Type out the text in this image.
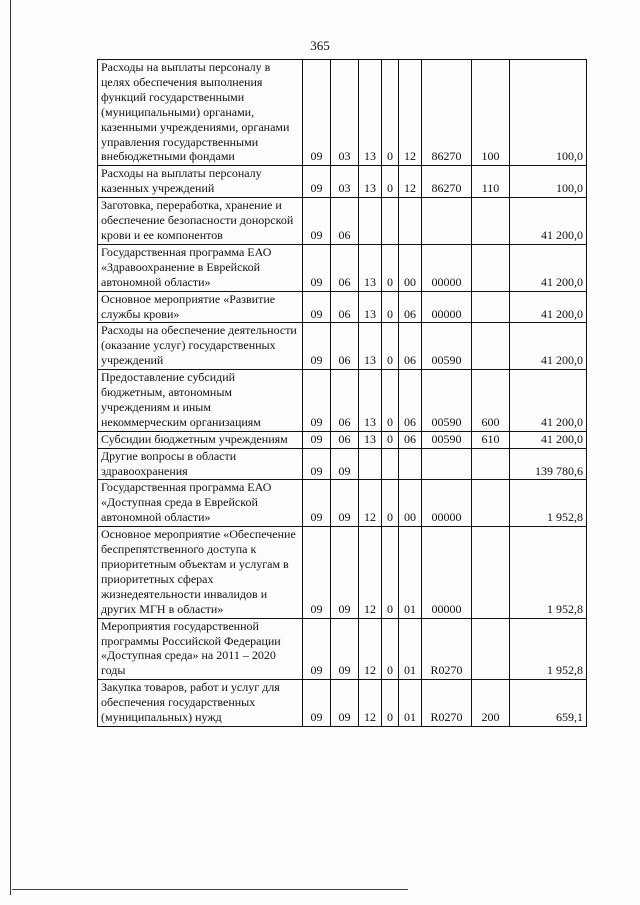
365
Расходы на выплаты персоналу в целях обеспечения выполнения функций государственными (муниципальными) органами, казенными учреждениями, органами управления государственными внебюджетными фондами	09	03	13	0	12	86270	100	100,0
Расходы на выплаты персоналу казенных учреждений	09	03	13	0	12	86270	110	100,0
Заготовка, переработка, хранение и обеспечение безопасности донорской крови и ее компонентов	09	06						41 200,0
Государственная программа ЕАО «Здравоохранение в Еврейской автономной области»	09	06	13	0	00	00000		41 200,0
Основное мероприятие «Развитие службы крови»	09	06	13	0	06	00000		41 200,0
Расходы на обеспечение деятельности (оказание услуг) государственных учреждений	09	06	13	0	06	00590		41 200,0
Предоставление субсидий бюджетным, автономным учреждениям и иным некоммерческим организациям	09	06	13	0	06	00590	600	41 200,0
Субсидии бюджетным учреждениям	09	06	13	0	06	00590	610	41 200,0
Другие вопросы в области здравоохранения	09	09						139 780,6
Государственная программа ЕАО «Доступная среда в Еврейской автономной области»	09	09	12	0	00	00000		1 952,8
Основное мероприятие «Обеспечение беспрепятственного доступа к приоритетным объектам и услугам в приоритетных сферах жизнедеятельности инвалидов и других МГН в области»	09	09	12	0	01	00000		1 952,8
Мероприятия государственной программы Российской Федерации «Доступная среда» на 2011 – 2020 годы	09	09	12	0	01	R0270		1 952,8
Закупка товаров, работ и услуг для обеспечения государственных (муниципальных) нужд	09	09	12	0	01	R0270	200	659,1
